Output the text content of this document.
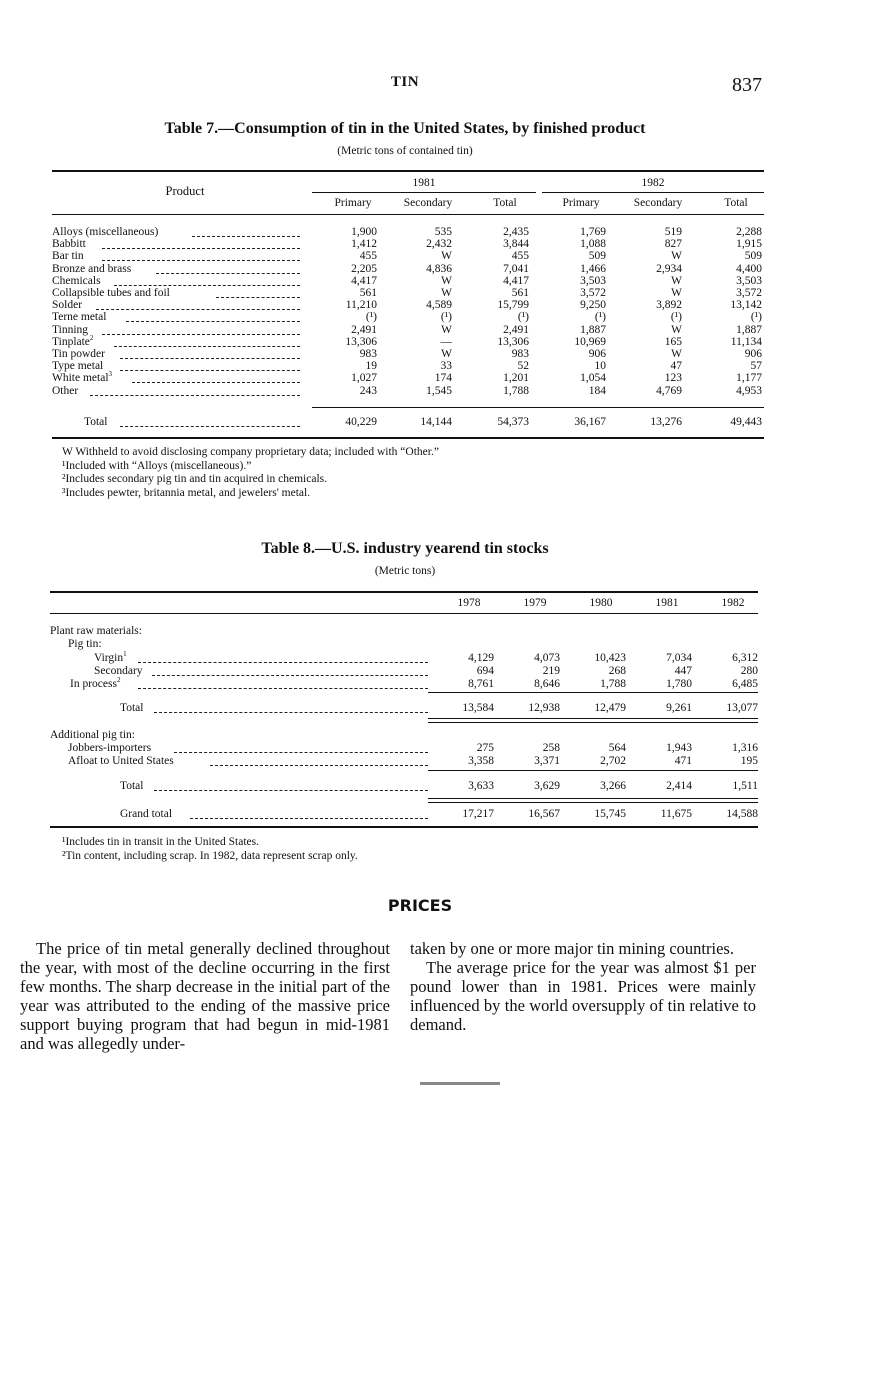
TIN	837
Table 7.—Consumption of tin in the United States, by finished product
(Metric tons of contained tin)
Product
1981	1982
Primary	Secondary	Total	Primary	Secondary	Total
Alloys (miscellaneous)	1,900	535	2,435	1,769	519	2,288
Babbitt	1,412	2,432	3,844	1,088	827	1,915
Bar tin	455	W	455	509	W	509
Bronze and brass	2,205	4,836	7,041	1,466	2,934	4,400
Chemicals	4,417	W	4,417	3,503	W	3,503
Collapsible tubes and foil	561	W	561	3,572	W	3,572
Solder	11,210	4,589	15,799	9,250	3,892	13,142
Terne metal	(¹)	(¹)	(¹)	(¹)	(¹)	(¹)
Tinning	2,491	W	2,491	1,887	W	1,887
Tinplate$^2$	13,306	—	13,306	10,969	165	11,134
Tin powder	983	W	983	906	W	906
Type metal	19	33	52	10	47	57
White metal$^3$	1,027	174	1,201	1,054	123	1,177
Other	243	1,545	1,788	184	4,769	4,953
Total	40,229	14,144	54,373	36,167	13,276	49,443
W Withheld to avoid disclosing company proprietary data; included with “Other.”
¹Included with “Alloys (miscellaneous).”
²Includes secondary pig tin and tin acquired in chemicals.
³Includes pewter, britannia metal, and jewelers' metal.
Table 8.—U.S. industry yearend tin stocks
(Metric tons)
1978	1979	1980	1981	1982
Plant raw materials:
Pig tin:
Virgin$^1$	4,129	4,073	10,423	7,034	6,312
Secondary	694	219	268	447	280
In process$^2$	8,761	8,646	1,788	1,780	6,485
Total	13,584	12,938	12,479	9,261	13,077
Additional pig tin:
Jobbers-importers	275	258	564	1,943	1,316
Afloat to United States	3,358	3,371	2,702	471	195
Total	3,633	3,629	3,266	2,414	1,511
Grand total	17,217	16,567	15,745	11,675	14,588
¹Includes tin in transit in the United States.
²Tin content, including scrap. In 1982, data represent scrap only.
PRICES

The price of tin metal generally declined throughout the year, with most of the decline occurring in the first few months. The sharp decrease in the initial part of the year was attributed to the ending of the massive price support buying program that had begun in mid-1981 and was allegedly under-

taken by one or more major tin mining countries.

The average price for the year was almost $1 per pound lower than in 1981. Prices were mainly influenced by the world oversupply of tin relative to demand.
